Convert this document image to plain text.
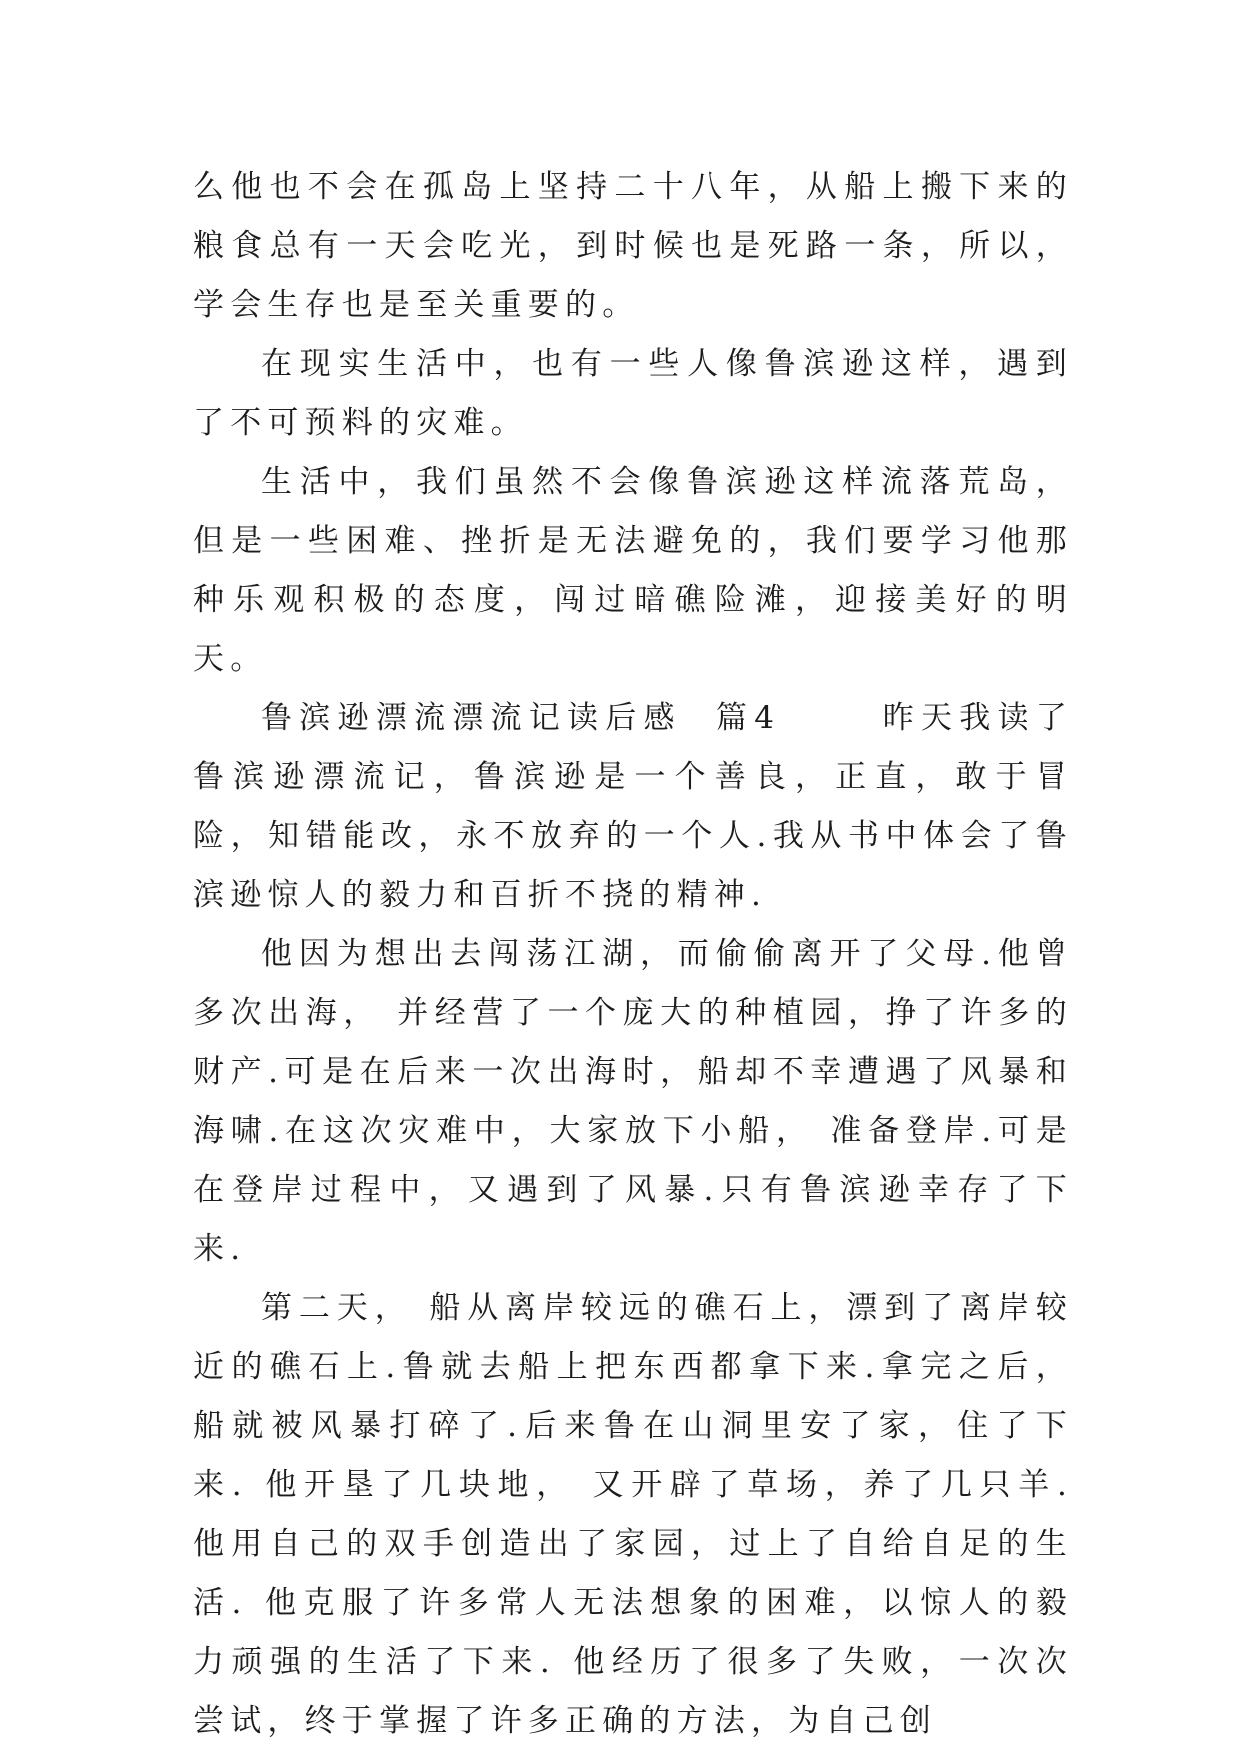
么他也不会在孤岛上坚持二十八年，从船上搬下来的粮食总有一天会吃光，到时候也是死路一条，所以，学会生存也是至关重要的。

在现实生活中，也有一些人像鲁滨逊这样，遇到了不可预料的灾难。

生活中，我们虽然不会像鲁滨逊这样流落荒岛，但是一些困难、挫折是无法避免的，我们要学习他那种乐观积极的态度，闯过暗礁险滩，迎接美好的明天。

鲁滨逊漂流漂流记读后感  篇4      昨天我读了鲁滨逊漂流记，鲁滨逊是一个善良，正直，敢于冒险，知错能改，永不放弃的一个人.我从书中体会了鲁滨逊惊人的毅力和百折不挠的精神.

他因为想出去闯荡江湖，而偷偷离开了父母.他曾多次出海， 并经营了一个庞大的种植园，挣了许多的财产.可是在后来一次出海时，船却不幸遭遇了风暴和海啸.在这次灾难中，大家放下小船， 准备登岸.可是在登岸过程中，又遇到了风暴.只有鲁滨逊幸存了下来.

第二天， 船从离岸较远的礁石上，漂到了离岸较近的礁石上.鲁就去船上把东西都拿下来.拿完之后，船就被风暴打碎了.后来鲁在山洞里安了家，住了下来. 他开垦了几块地， 又开辟了草场，养了几只羊.他用自己的双手创造出了家园，过上了自给自足的生活. 他克服了许多常人无法想象的困难，以惊人的毅力顽强的生活了下来. 他经历了很多了失败，一次次尝试，终于掌握了许多正确的方法，为自己创
